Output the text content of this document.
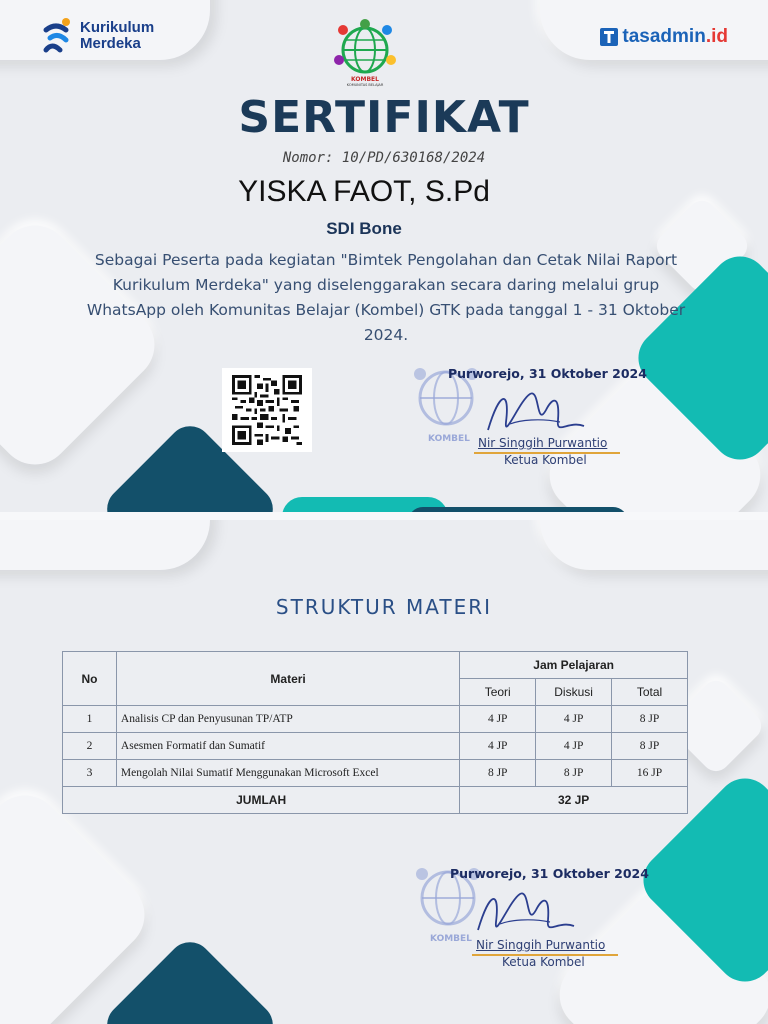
Kurikulum
Merdeka
KOMBEL
KOMUNITAS BELAJAR
tasadmin.id
SERTIFIKAT
Nomor: 10/PD/630168/2024
YISKA FAOT, S.Pd
SDI Bone
Sebagai Peserta pada kegiatan "Bimtek Pengolahan dan Cetak Nilai Raport Kurikulum Merdeka" yang diselenggarakan secara daring melalui grup WhatsApp oleh Komunitas Belajar (Kombel) GTK pada tanggal 1 - 31 Oktober 2024.
KOMBEL
Purworejo, 31 Oktober 2024
Nir Singgih Purwantio
Ketua Kombel
KOMBEL
Purworejo, 31 Oktober 2024
Nir Singgih Purwantio
Ketua Kombel
STRUKTUR MATERI
No	Materi	Jam Pelajaran		
		Teori	Diskusi	Total
1	Analisis CP dan Penyusunan TP/ATP	4 JP	4 JP	8 JP
2	Asesmen Formatif dan Sumatif	4 JP	4 JP	8 JP
3	Mengolah Nilai Sumatif Menggunakan Microsoft Excel	8 JP	8 JP	16 JP
JUMLAH		32 JP		
